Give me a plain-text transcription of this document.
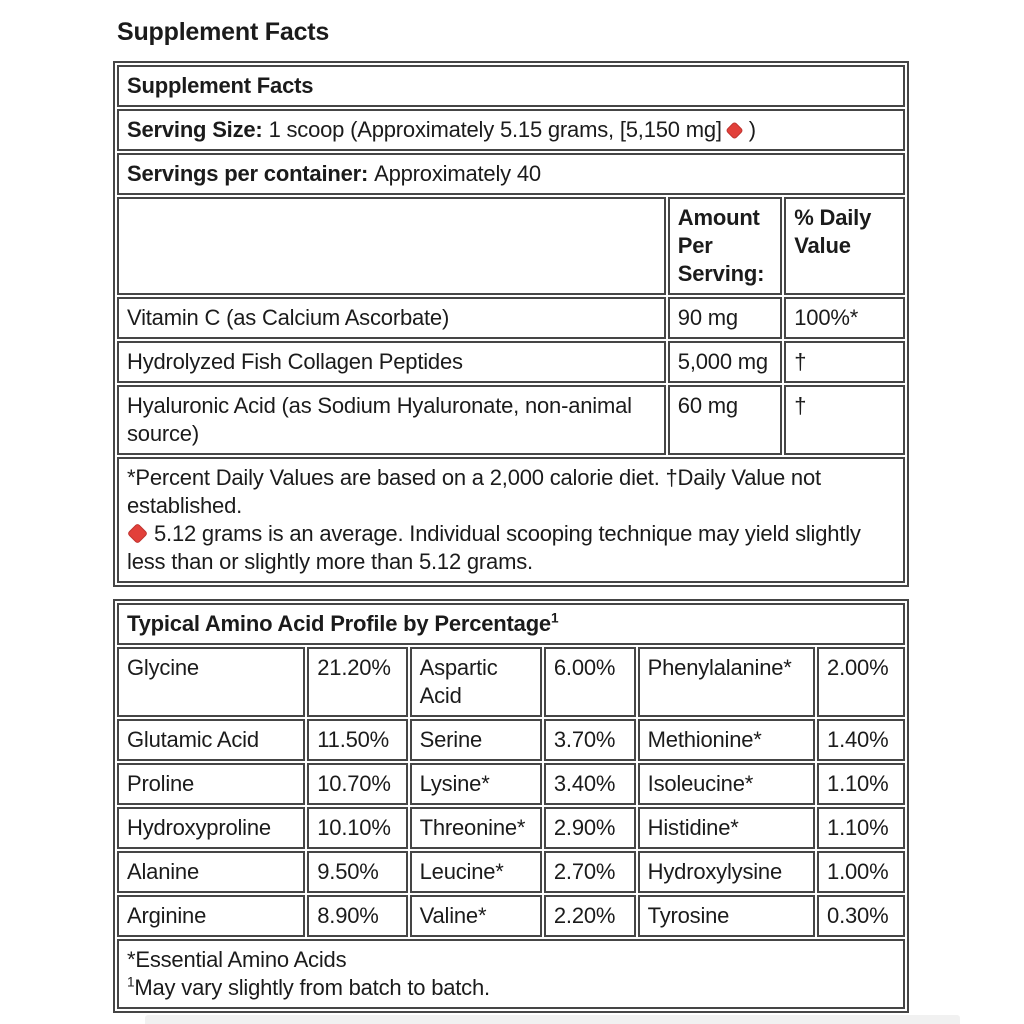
Supplement Facts
Supplement Facts		
Serving Size: 1 scoop (Approximately 5.15 grams, [5,150 mg] )		
Servings per container: Approximately 40		
	Amount Per Serving:	% Daily Value
Vitamin C (as Calcium Ascorbate)	90 mg	100%*
Hydrolyzed Fish Collagen Peptides	5,000 mg	†
Hyaluronic Acid (as Sodium Hyaluronate, non-animal source)	60 mg	†

*Percent Daily Values are based on a 2,000 calorie diet. †Daily Value not established.

5.12 grams is an average. Individual scooping technique may yield slightly less than or slightly more than 5.12 grams.		

Typical Amino Acid Profile by Percentage$^1$
Glycine	21.20%	Aspartic Acid	6.00%	Phenylalanine*	2.00%
Glutamic Acid	11.50%	Serine	3.70%	Methionine*	1.40%
Proline	10.70%	Lysine*	3.40%	Isoleucine*	1.10%
Hydroxyproline	10.10%	Threonine*	2.90%	Histidine*	1.10%
Alanine	9.50%	Leucine*	2.70%	Hydroxylysine	1.00%
Arginine	8.90%	Valine*	2.20%	Tyrosine	0.30%

*Essential Amino Acids

$^1$May vary slightly from batch to batch.					
